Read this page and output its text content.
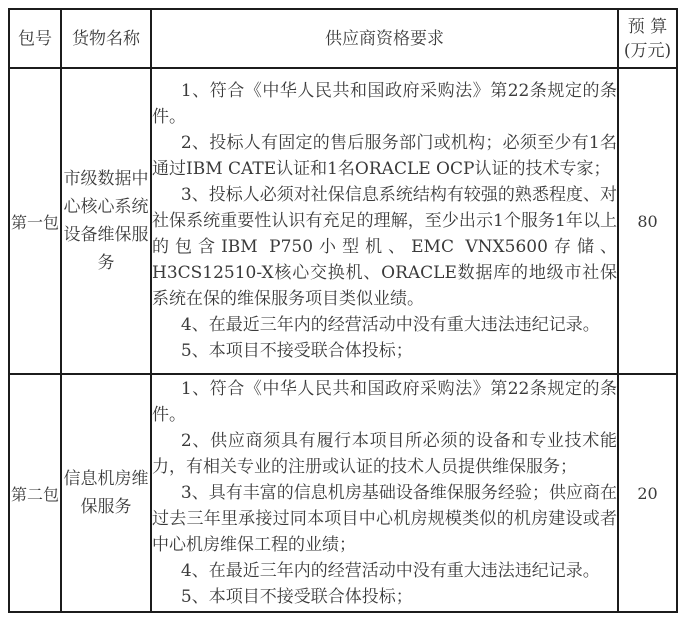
包号	货物名称	供应商资格要求	预 算
(万元)

第一包	市级数据中心核心系统设备维保服务	1、符合《中华人民共和国政府采购法》第22条规定的条件。

2、投标人有固定的售后服务部门或机构；必须至少有1名通过IBM CATE认证和1名ORACLE OCP认证的技术专家；

3、投标人必须对社保信息系统结构有较强的熟悉程度、对社保系统重要性认识有充足的理解，至少出示1个服务1年以上的包含IBM P750小型机、EMC VNX5600存储、H3CS12510-X核心交换机、ORACLE数据库的地级市社保系统在保的维保服务项目类似业绩。

4、在最近三年内的经营活动中没有重大违法违纪记录。

5、本项目不接受联合体投标；	80
第二包	信息机房维保服务	1、符合《中华人民共和国政府采购法》第22条规定的条件。

2、供应商须具有履行本项目所必须的设备和专业技术能力，有相关专业的注册或认证的技术人员提供维保服务；

3、具有丰富的信息机房基础设备维保服务经验；供应商在过去三年里承接过同本项目中心机房规模类似的机房建设或者中心机房维保工程的业绩；

4、在最近三年内的经营活动中没有重大违法违纪记录。

5、本项目不接受联合体投标；	20
